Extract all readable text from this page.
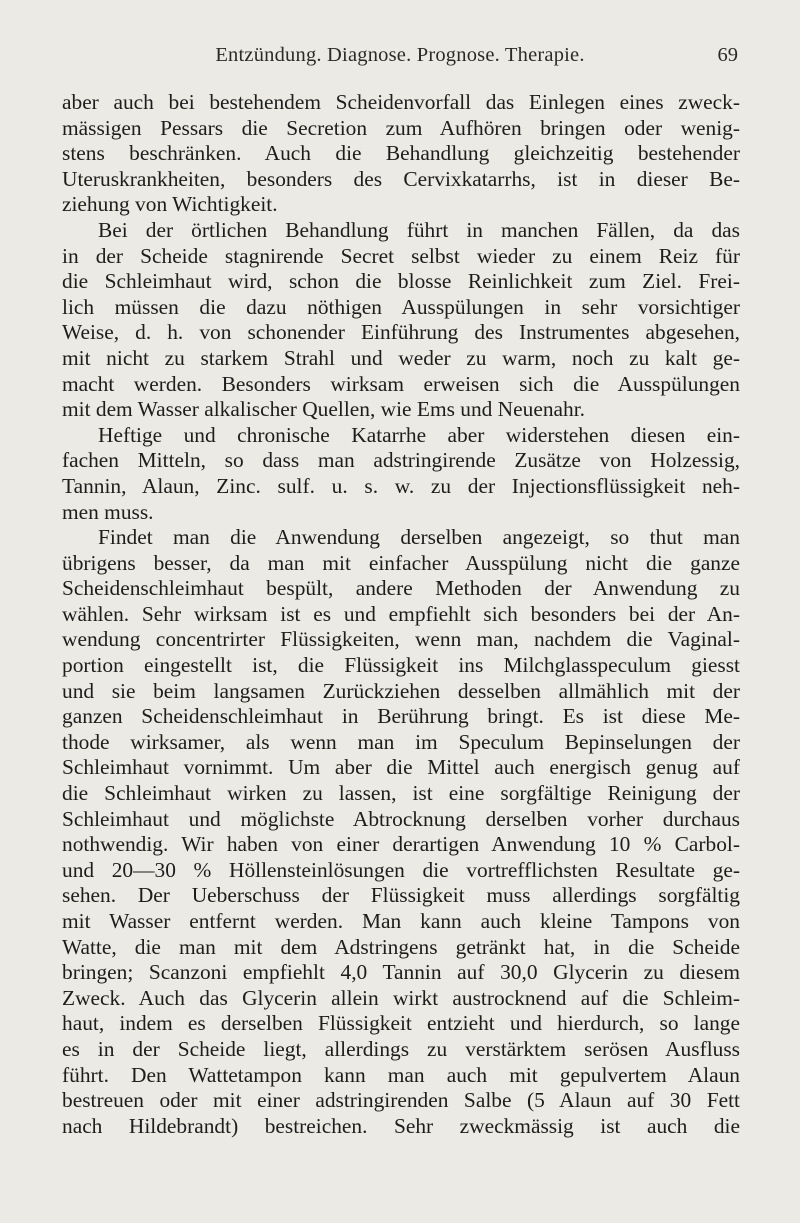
Entzündung. Diagnose. Prognose. Therapie.	69
aber auch bei bestehendem Scheidenvorfall das Einlegen eines zweck-
mässigen Pessars die Secretion zum Aufhören bringen oder wenig-
stens beschränken. Auch die Behandlung gleichzeitig bestehender
Uteruskrankheiten, besonders des Cervixkatarrhs, ist in dieser Be-
ziehung von Wichtigkeit.
Bei der örtlichen Behandlung führt in manchen Fällen, da das
in der Scheide stagnirende Secret selbst wieder zu einem Reiz für
die Schleimhaut wird, schon die blosse Reinlichkeit zum Ziel. Frei-
lich müssen die dazu nöthigen Ausspülungen in sehr vorsichtiger
Weise, d. h. von schonender Einführung des Instrumentes abgesehen,
mit nicht zu starkem Strahl und weder zu warm, noch zu kalt ge-
macht werden. Besonders wirksam erweisen sich die Ausspülungen
mit dem Wasser alkalischer Quellen, wie Ems und Neuenahr.
Heftige und chronische Katarrhe aber widerstehen diesen ein-
fachen Mitteln, so dass man adstringirende Zusätze von Holzessig,
Tannin, Alaun, Zinc. sulf. u. s. w. zu der Injectionsflüssigkeit neh-
men muss.
Findet man die Anwendung derselben angezeigt, so thut man
übrigens besser, da man mit einfacher Ausspülung nicht die ganze
Scheidenschleimhaut bespült, andere Methoden der Anwendung zu
wählen. Sehr wirksam ist es und empfiehlt sich besonders bei der An-
wendung concentrirter Flüssigkeiten, wenn man, nachdem die Vaginal-
portion eingestellt ist, die Flüssigkeit ins Milchglasspeculum giesst
und sie beim langsamen Zurückziehen desselben allmählich mit der
ganzen Scheidenschleimhaut in Berührung bringt. Es ist diese Me-
thode wirksamer, als wenn man im Speculum Bepinselungen der
Schleimhaut vornimmt. Um aber die Mittel auch energisch genug auf
die Schleimhaut wirken zu lassen, ist eine sorgfältige Reinigung der
Schleimhaut und möglichste Abtrocknung derselben vorher durchaus
nothwendig. Wir haben von einer derartigen Anwendung 10 % Carbol-
und 20—30 % Höllensteinlösungen die vortrefflichsten Resultate ge-
sehen. Der Ueberschuss der Flüssigkeit muss allerdings sorgfältig
mit Wasser entfernt werden. Man kann auch kleine Tampons von
Watte, die man mit dem Adstringens getränkt hat, in die Scheide
bringen; Scanzoni empfiehlt 4,0 Tannin auf 30,0 Glycerin zu diesem
Zweck. Auch das Glycerin allein wirkt austrocknend auf die Schleim-
haut, indem es derselben Flüssigkeit entzieht und hierdurch, so lange
es in der Scheide liegt, allerdings zu verstärktem serösen Ausfluss
führt. Den Wattetampon kann man auch mit gepulvertem Alaun
bestreuen oder mit einer adstringirenden Salbe (5 Alaun auf 30 Fett
nach Hildebrandt) bestreichen. Sehr zweckmässig ist auch die
